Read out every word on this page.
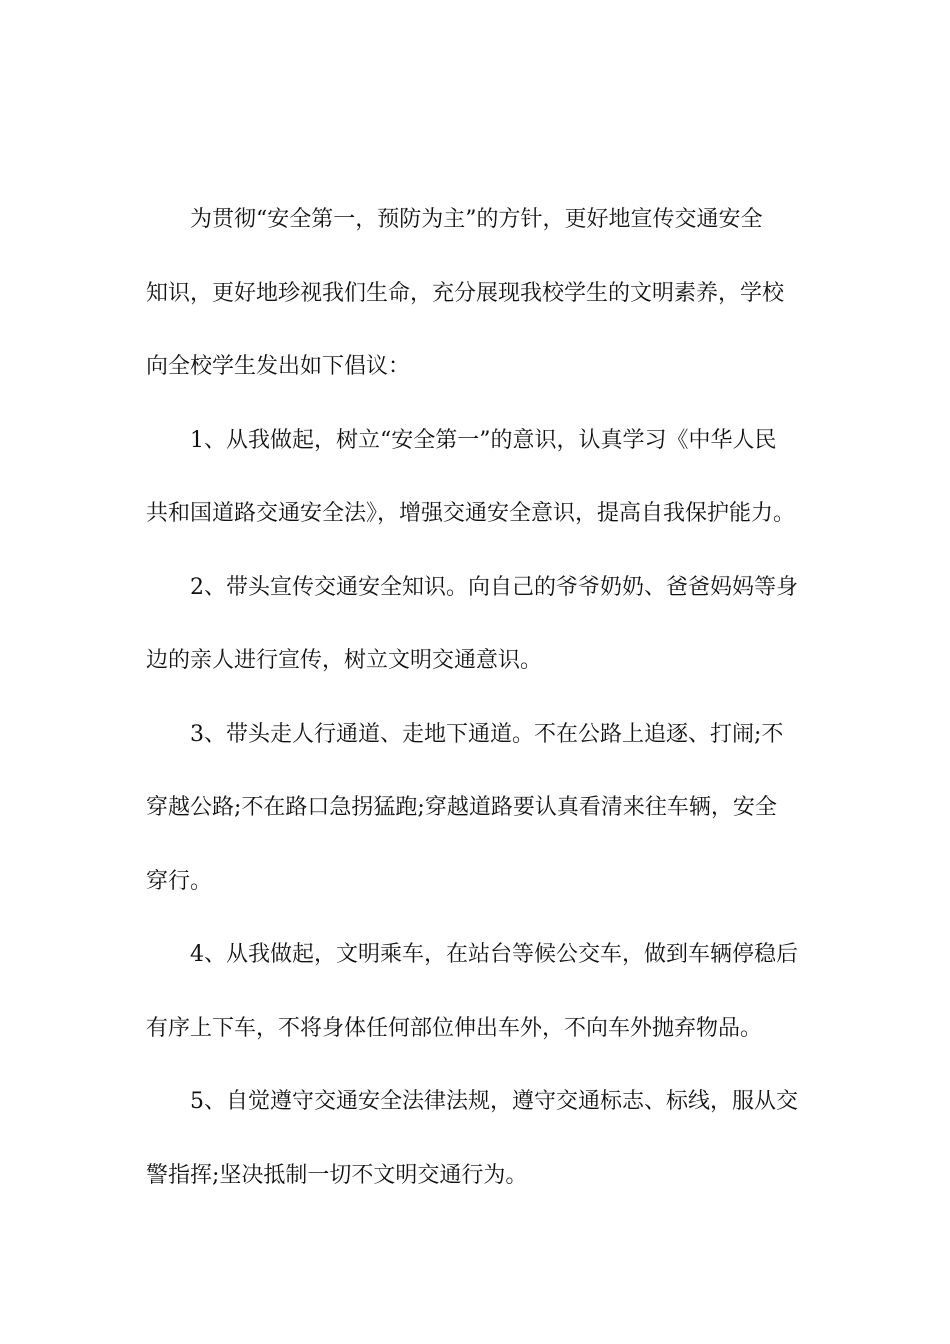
为贯彻“安全第一，预防为主”的方针，更好地宣传交通安全
知识，更好地珍视我们生命，充分展现我校学生的文明素养，学校
向全校学生发出如下倡议：
1、从我做起，树立“安全第一”的意识，认真学习《中华人民
共和国道路交通安全法》，增强交通安全意识，提高自我保护能力。
2、带头宣传交通安全知识。向自己的爷爷奶奶、爸爸妈妈等身
边的亲人进行宣传，树立文明交通意识。
3、带头走人行通道、走地下通道。不在公路上追逐、打闹;不
穿越公路;不在路口急拐猛跑;穿越道路要认真看清来往车辆，安全
穿行。
4、从我做起，文明乘车，在站台等候公交车，做到车辆停稳后
有序上下车，不将身体任何部位伸出车外，不向车外抛弃物品。
5、自觉遵守交通安全法律法规，遵守交通标志、标线，服从交
警指挥;坚决抵制一切不文明交通行为。
